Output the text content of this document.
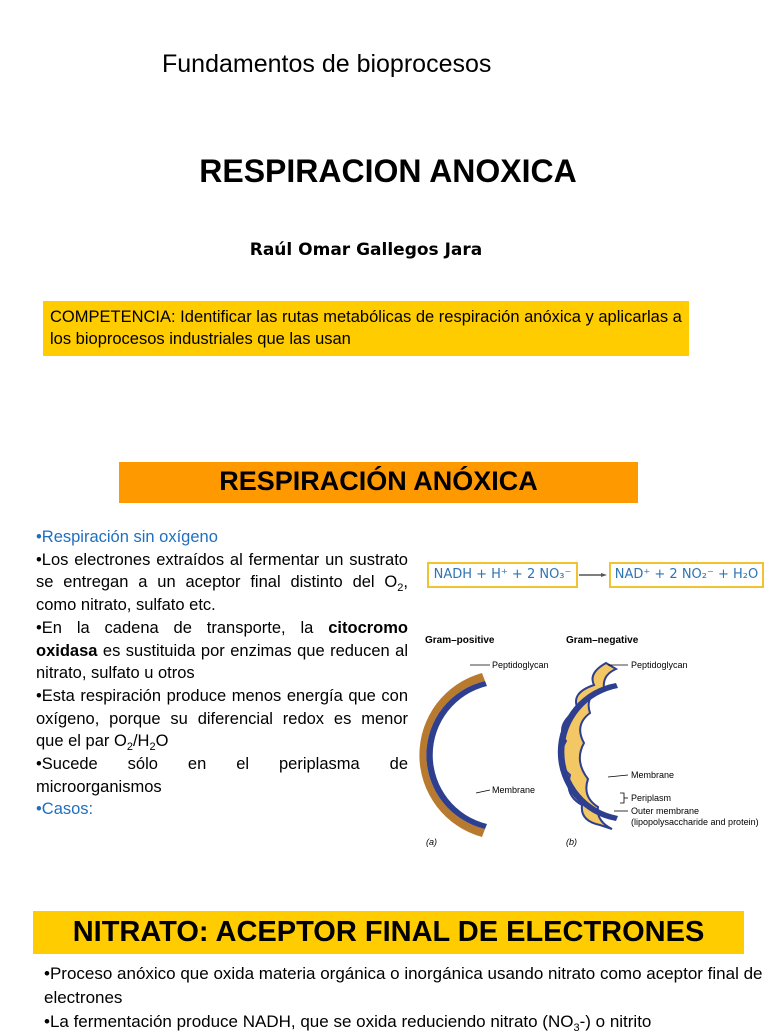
Fundamentos de bioprocesos
RESPIRACION ANOXICA
Raúl Omar Gallegos Jara
COMPETENCIA: Identificar las rutas metabólicas de respiración anóxica y aplicarlas a los bioprocesos industriales que las usan
RESPIRACIÓN ANÓXICA

•Respiración sin oxígeno

•Los electrones extraídos al fermentar un sustrato se entregan a un aceptor final distinto del $O_2$, como nitrato, sulfato etc.

•En la cadena de transporte, la citocromo oxidasa es sustituida por enzimas que reducen al nitrato, sulfato u otros

•Esta respiración produce menos energía que con oxígeno, porque su diferencial redox es menor que el par $O_2/H_2O$

•Sucede sólo en el periplasma de microorganismos

•Casos:

NADH + H⁺ + 2 NO₃⁻	NAD⁺ + 2 NO₂⁻ + H₂O
Gram–positive
Peptidoglycan
Membrane
(a)
Gram–negative
Peptidoglycan
Membrane
Periplasm
Outer membrane
(lipopolysaccharide and protein)
(b)
NITRATO: ACEPTOR FINAL DE ELECTRONES

•Proceso anóxico que oxida materia orgánica o inorgánica usando nitrato como aceptor final de electrones

•La fermentación produce NADH, que se oxida reduciendo nitrato $(NO_3-)$ o nitrito
